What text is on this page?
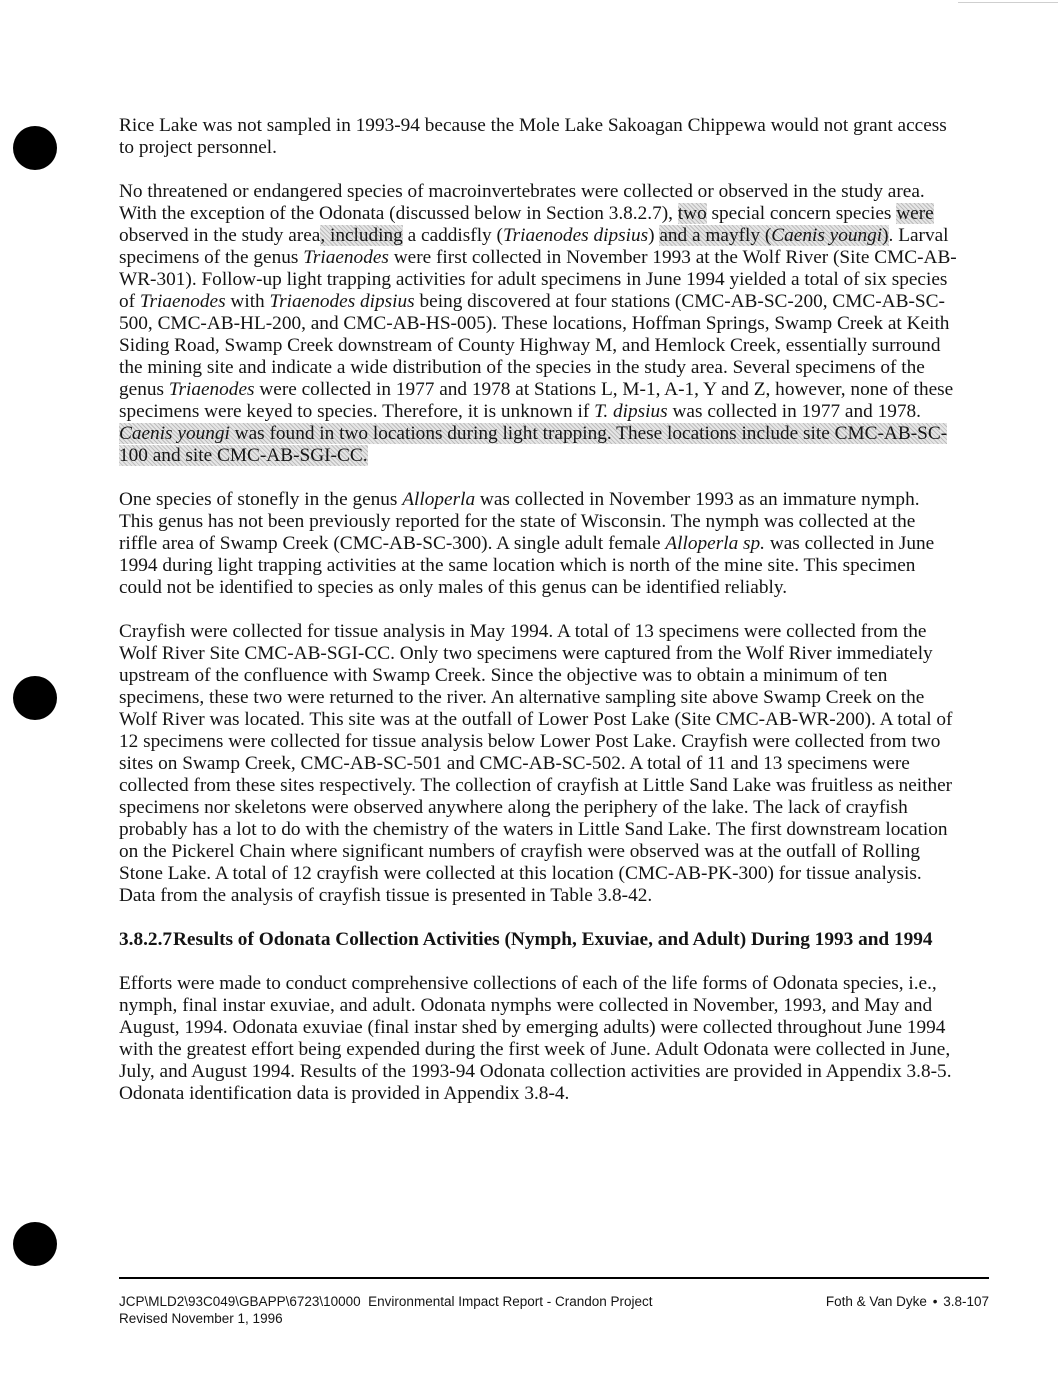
Rice Lake was not sampled in 1993-94 because the Mole Lake Sakoagan Chippewa would not grant access to project personnel.

No threatened or endangered species of macroinvertebrates were collected or observed in the study area. With the exception of the Odonata (discussed below in Section 3.8.2.7), two special concern species were observed in the study area, including a caddisfly (Triaenodes dipsius) and a mayfly (Caenis youngi). Larval specimens of the genus Triaenodes were first collected in November 1993 at the Wolf River (Site CMC-AB-WR-301). Follow-up light trapping activities for adult specimens in June 1994 yielded a total of six species of Triaenodes with Triaenodes dipsius being discovered at four stations (CMC-AB-SC-200, CMC-AB-SC-500, CMC-AB-HL-200, and CMC-AB-HS-005). These locations, Hoffman Springs, Swamp Creek at Keith Siding Road, Swamp Creek downstream of County Highway M, and Hemlock Creek, essentially surround the mining site and indicate a wide distribution of the species in the study area. Several specimens of the genus Triaenodes were collected in 1977 and 1978 at Stations L, M-1, A-1, Y and Z, however, none of these specimens were keyed to species. Therefore, it is unknown if T. dipsius was collected in 1977 and 1978. Caenis youngi was found in two locations during light trapping. These locations include site CMC-AB-SC-100 and site CMC-AB-SGI-CC.

One species of stonefly in the genus Alloperla was collected in November 1993 as an immature nymph. This genus has not been previously reported for the state of Wisconsin. The nymph was collected at the riffle area of Swamp Creek (CMC-AB-SC-300). A single adult female Alloperla sp. was collected in June 1994 during light trapping activities at the same location which is north of the mine site. This specimen could not be identified to species as only males of this genus can be identified reliably.

Crayfish were collected for tissue analysis in May 1994. A total of 13 specimens were collected from the Wolf River Site CMC-AB-SGI-CC. Only two specimens were captured from the Wolf River immediately upstream of the confluence with Swamp Creek. Since the objective was to obtain a minimum of ten specimens, these two were returned to the river. An alternative sampling site above Swamp Creek on the Wolf River was located. This site was at the outfall of Lower Post Lake (Site CMC-AB-WR-200). A total of 12 specimens were collected for tissue analysis below Lower Post Lake. Crayfish were collected from two sites on Swamp Creek, CMC-AB-SC-501 and CMC-AB-SC-502. A total of 11 and 13 specimens were collected from these sites respectively. The collection of crayfish at Little Sand Lake was fruitless as neither specimens nor skeletons were observed anywhere along the periphery of the lake. The lack of crayfish probably has a lot to do with the chemistry of the waters in Little Sand Lake. The first downstream location on the Pickerel Chain where significant numbers of crayfish were observed was at the outfall of Rolling Stone Lake. A total of 12 crayfish were collected at this location (CMC-AB-PK-300) for tissue analysis. Data from the analysis of crayfish tissue is presented in Table 3.8-42.

3.8.2.7Results of Odonata Collection Activities (Nymph, Exuviae, and Adult) During 1993 and 1994

Efforts were made to conduct comprehensive collections of each of the life forms of Odonata species, i.e., nymph, final instar exuviae, and adult. Odonata nymphs were collected in November, 1993, and May and August, 1994. Odonata exuviae (final instar shed by emerging adults) were collected throughout June 1994 with the greatest effort being expended during the first week of June. Adult Odonata were collected in June, July, and August 1994. Results of the 1993-94 Odonata collection activities are provided in Appendix 3.8-5. Odonata identification data is provided in Appendix 3.8-4.

JCP\MLD2\93C049\GBAPP\6723\10000 Environmental Impact Report - Crandon Project
Revised November 1, 1996
Foth & Van Dyke • 3.8-107
